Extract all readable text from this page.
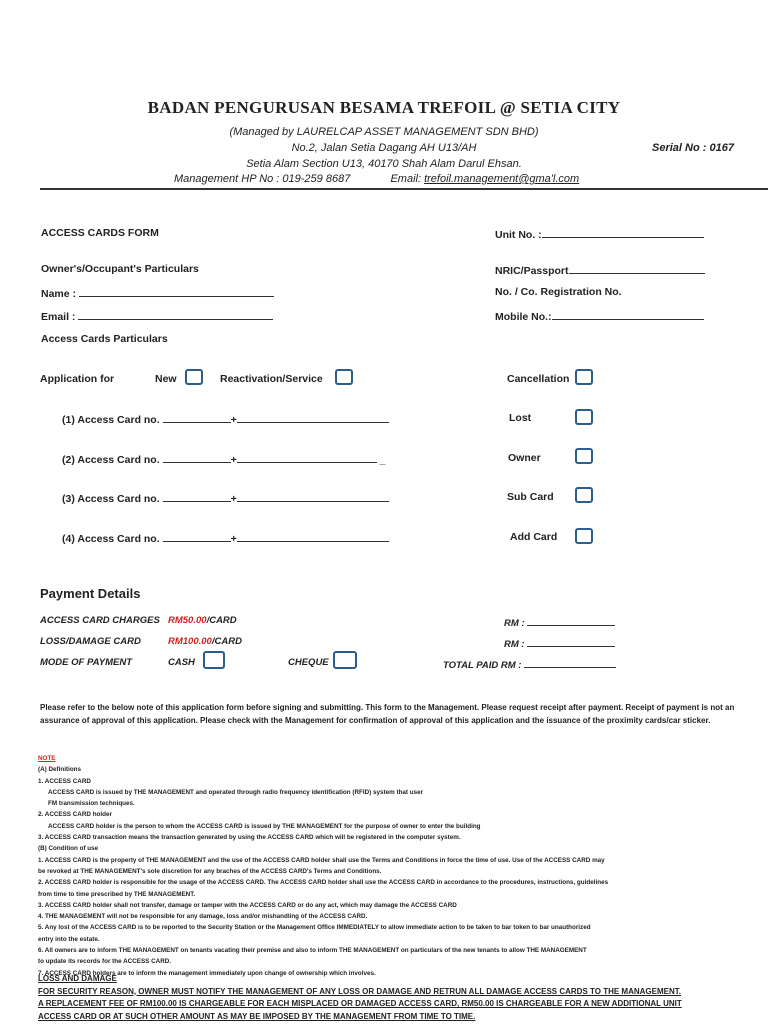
BADAN PENGURUSAN BESAMA TREFOIL @ SETIA CITY
(Managed by LAURELCAP ASSET MANAGEMENT SDN BHD)
No.2, Jalan Setia Dagang AH U13/AH
Setia Alam Section U13, 40170 Shah Alam Darul Ehsan.
Serial No : 0167
Management HP No : 019-259 8687	Email: trefoil.management@gma'l.com
ACCESS CARDS FORM	Unit No. :
Owner's/Occupant's Particulars	NRIC/Passport
Name :	No. / Co. Registration No.
Email :	Mobile No.:
Access Cards Particulars
Application for	New	Reactivation/Service	Cancellation
(1) Access Card no.	+	Lost
(2) Access Card no.	+	_	Owner
(3) Access Card no.	+	Sub Card
(4) Access Card no.	+	Add Card
Payment Details
ACCESS CARD CHARGES RM50.00/CARD	RM :
LOSS/DAMAGE CARD	RM100.00/CARD	RM :
MODE OF PAYMENT	CASH	CHEQUE	TOTAL PAID RM :
Please refer to the below note of this application form before signing and submitting. This form to the Management. Please request receipt after payment. Receipt of payment is not an assurance of approval of this application. Please check with the Management for confirmation of approval of this application and the issuance of the proximity cards/car sticker.
NOTE
(A) Definitions
1. ACCESS CARD
ACCESS CARD is issued by THE MANAGEMENT and operated through radio frequency identification (RFID) system that user
FM transmission techniques.
2. ACCESS CARD holder
ACCESS CARD holder is the person to whom the ACCESS CARD is issued by THE MANAGEMENT for the purpose of owner to enter the building
3. ACCESS CARD transaction means the transaction generated by using the ACCESS CARD which will be registered in the computer system.
(B) Condition of use
1. ACCESS CARD is the property of THE MANAGEMENT and the use of the ACCESS CARD holder shall use the Terms and Conditions in force the time of use. Use of the ACCESS CARD may
be revoked at THE MANAGEMENT's sole discretion for any braches of the ACCESS CARD's Terms and Conditions.
2. ACCESS CARD holder is responsible for the usage of the ACCESS CARD. The ACCESS CARD holder shall use the ACCESS CARD in accordance to the procedures, instructions, guidelines
from time to time prescribed by THE MANAGEMENT.
3. ACCESS CARD holder shall not transfer, damage or tamper with the ACCESS CARD or do any act, which may damage the ACCESS CARD
4. THE MANAGEMENT will not be responsible for any damage, loss and/or mishandling of the ACCESS CARD.
5. Any lost of the ACCESS CARD is to be reported to the Security Station or the Management Office IMMEDIATELY to allow immediate action to be taken to bar token to bar unauthorized
entry into the estate.
6. All owners are to inform THE MANAGEMENT on tenants vacating their premise and also to inform THE MANAGEMENT on particulars of the new tenants to allow THE MANAGEMENT
to update its records for the ACCESS CARD.
7. ACCESS CARD holders are to inform the management immediately upon change of ownership which involves.
LOSS AND DAMAGE
FOR SECURITY REASON, OWNER MUST NOTIFY THE MANAGEMENT OF ANY LOSS OR DAMAGE AND RETRUN ALL DAMAGE ACCESS CARDS TO THE MANAGEMENT.
A REPLACEMENT FEE OF RM100.00 IS CHARGEABLE FOR EACH MISPLACED OR DAMAGED ACCESS CARD, RM50.00 IS CHARGEABLE FOR A NEW ADDITIONAL UNIT
ACCESS CARD OR AT SUCH OTHER AMOUNT AS MAY BE IMPOSED BY THE MANAGEMENT FROM TIME TO TIME.
